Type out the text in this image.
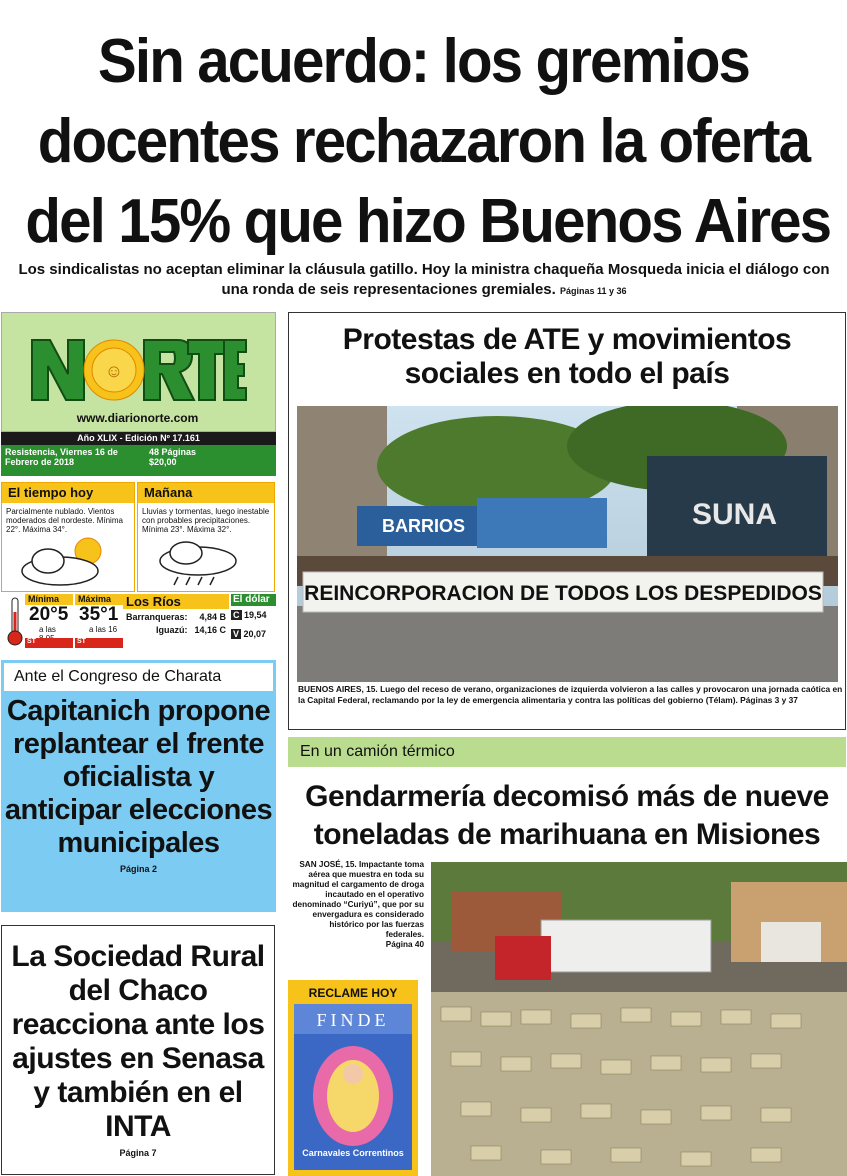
Sin acuerdo: los gremios
docentes rechazaron la oferta
del 15% que hizo Buenos Aires
Los sindicalistas no aceptan eliminar la cláusula gatillo. Hoy la ministra chaqueña Mosqueda inicia el diálogo con una ronda de seis representaciones gremiales. Páginas 11 y 36
☺
www.diarionorte.com
Año XLIX - Edición Nº 17.161
Resistencia, Viernes 16 de Febrero de 2018
48 Páginas
$20,00
El tiempo hoy
Parcialmente nublado. Vientos moderados del nordeste. Mínima 22°. Máxima 34°.
Mañana
Lluvias y tormentas, luego inestable con probables precipitaciones. Mínima 23°. Máxima 32°.
Mínima
20°5
a las
ST
Máxima
35°1
a las 16
ST
Los Ríos
Barranqueras: 4,84 B
Iguazú: 14,16 C
El dólar
C 19,54
V 20,07
Ante el Congreso de Charata
Capitanich propone replantear el frente oficialista y anticipar elecciones municipales
Página 2
La Sociedad Rural del Chaco reacciona ante los ajustes en Senasa y también en el INTA
Página 7
Protestas de ATE y movimientos sociales en todo el país
BARRIOS	SUNA
REINCORPORACION DE TODOS LOS DESPEDIDOS
BUENOS AIRES, 15. Luego del receso de verano, organizaciones de izquierda volvieron a las calles y provocaron una jornada caótica en la Capital Federal, reclamando por la ley de emergencia alimentaria y contra las políticas del gobierno (Télam). Páginas 3 y 37
En un camión térmico
Gendarmería decomisó más de nueve toneladas de marihuana en Misiones
SAN JOSÉ, 15. Impactante toma aérea que muestra en toda su magnitud el cargamento de droga incautado en el operativo denominado “Curiyú”, que por su envergadura es considerado histórico por las fuerzas federales.
Página 40
RECLAME HOY
FINDE
Carnavales Correntinos
